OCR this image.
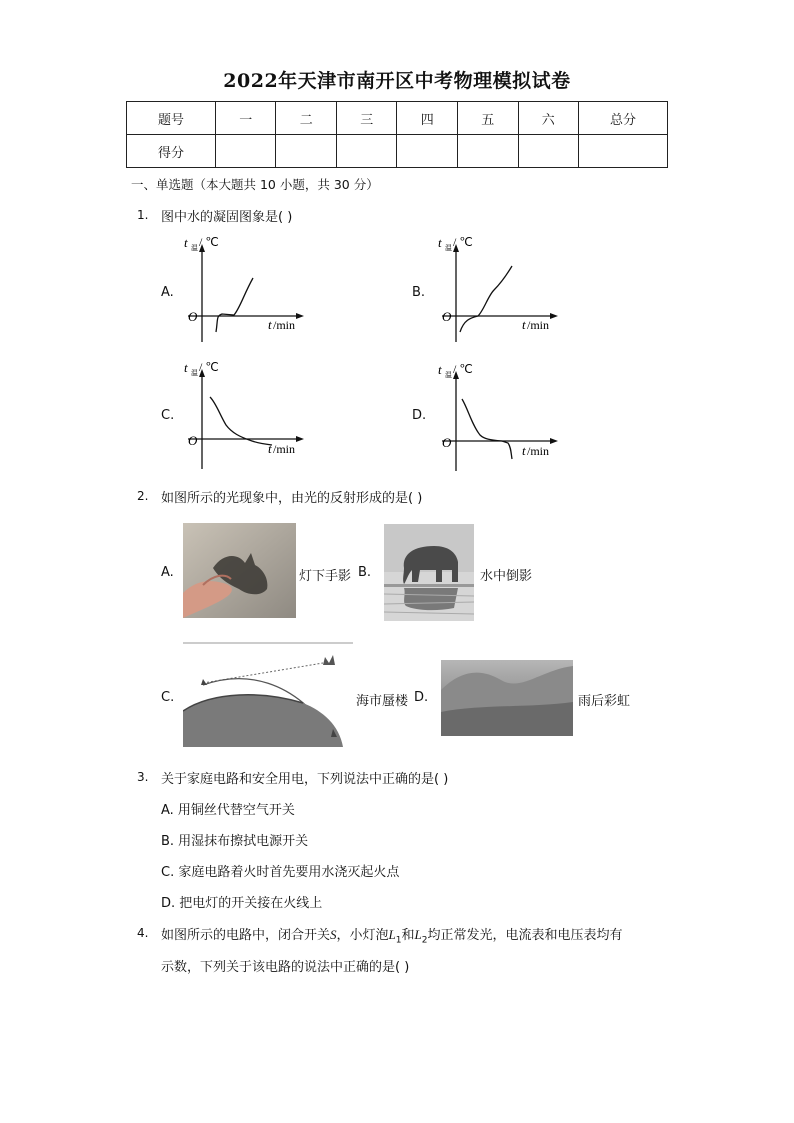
2022年天津市南开区中考物理模拟试卷
题号	一	二	三	四	五	六	总分
得分							
一、单选题（本大题共 10 小题，共 30 分）
1. 图中水的凝固图象是( )
A.	B.
C.	D.
t 温 / ℃
O
t /min
t 温 / ℃
O
t /min
t 温 / ℃
O
t /min
t 温 / ℃
O
t /min
2. 如图所示的光现象中，由光的反射形成的是( )
A.	灯下手影 B.	水中倒影
C.	海市蜃楼 D.	雨后彩虹
3. 关于家庭电路和安全用电，下列说法中正确的是( )
A. 用铜丝代替空气开关
B. 用湿抹布擦拭电源开关
C. 家庭电路着火时首先要用水浇灭起火点
D. 把电灯的开关接在火线上
4. 如图所示的电路中，闭合开关S，小灯泡$L_1$和$L_2$均正常发光，电流表和电压表均有
示数，下列关于该电路的说法中正确的是( )
